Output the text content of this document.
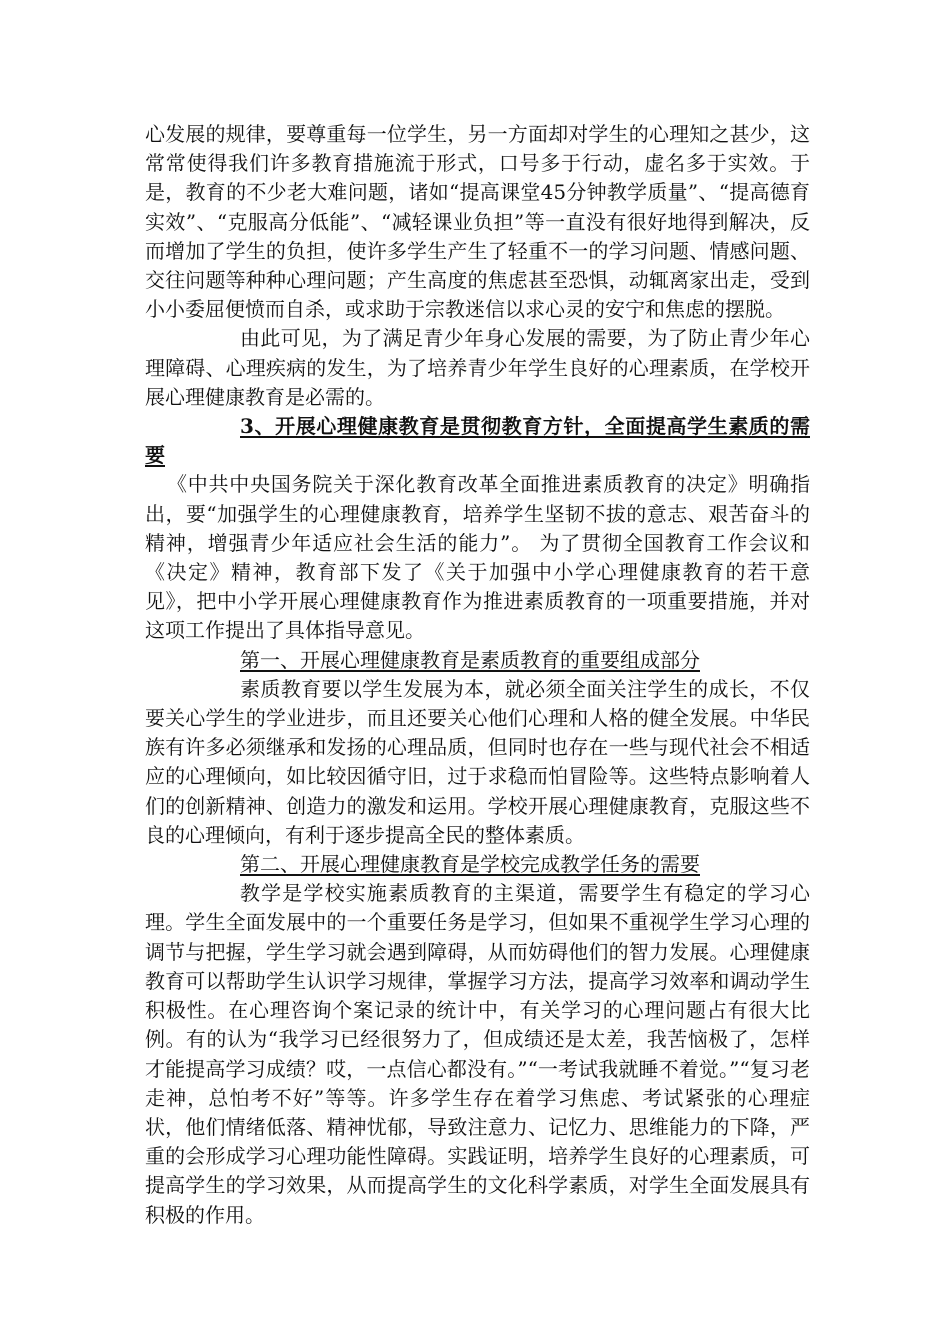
心发展的规律，要尊重每一位学生，另一方面却对学生的心理知之甚少，这常常使得我们许多教育措施流于形式，口号多于行动，虚名多于实效。于是，教育的不少老大难问题，诸如“提高课堂45分钟教学质量”、“提高德育实效”、“克服高分低能”、“减轻课业负担”等一直没有很好地得到解决，反而增加了学生的负担，使许多学生产生了轻重不一的学习问题、情感问题、交往问题等种种心理问题；产生高度的焦虑甚至恐惧，动辄离家出走，受到小小委屈便愤而自杀，或求助于宗教迷信以求心灵的安宁和焦虑的摆脱。

由此可见，为了满足青少年身心发展的需要，为了防止青少年心理障碍、心理疾病的发生，为了培养青少年学生良好的心理素质，在学校开展心理健康教育是必需的。

3、开展心理健康教育是贯彻教育方针，全面提高学生素质的需要

《中共中央国务院关于深化教育改革全面推进素质教育的决定》明确指出，要“加强学生的心理健康教育，培养学生坚韧不拔的意志、艰苦奋斗的精神，增强青少年适应社会生活的能力”。 为了贯彻全国教育工作会议和《决定》精神，教育部下发了《关于加强中小学心理健康教育的若干意见》，把中小学开展心理健康教育作为推进素质教育的一项重要措施，并对这项工作提出了具体指导意见。

第一、开展心理健康教育是素质教育的重要组成部分

素质教育要以学生发展为本，就必须全面关注学生的成长，不仅要关心学生的学业进步，而且还要关心他们心理和人格的健全发展。中华民族有许多必须继承和发扬的心理品质，但同时也存在一些与现代社会不相适应的心理倾向，如比较因循守旧，过于求稳而怕冒险等。这些特点影响着人们的创新精神、创造力的激发和运用。学校开展心理健康教育，克服这些不良的心理倾向，有利于逐步提高全民的整体素质。

第二、开展心理健康教育是学校完成教学任务的需要

教学是学校实施素质教育的主渠道，需要学生有稳定的学习心理。学生全面发展中的一个重要任务是学习，但如果不重视学生学习心理的调节与把握，学生学习就会遇到障碍，从而妨碍他们的智力发展。心理健康教育可以帮助学生认识学习规律，掌握学习方法，提高学习效率和调动学生积极性。在心理咨询个案记录的统计中，有关学习的心理问题占有很大比例。有的认为“我学习已经很努力了，但成绩还是太差，我苦恼极了，怎样才能提高学习成绩？哎，一点信心都没有。”“一考试我就睡不着觉。”“复习老走神，总怕考不好”等等。许多学生存在着学习焦虑、考试紧张的心理症状，他们情绪低落、精神忧郁，导致注意力、记忆力、思维能力的下降，严重的会形成学习心理功能性障碍。实践证明，培养学生良好的心理素质，可提高学生的学习效果，从而提高学生的文化科学素质，对学生全面发展具有积极的作用。
